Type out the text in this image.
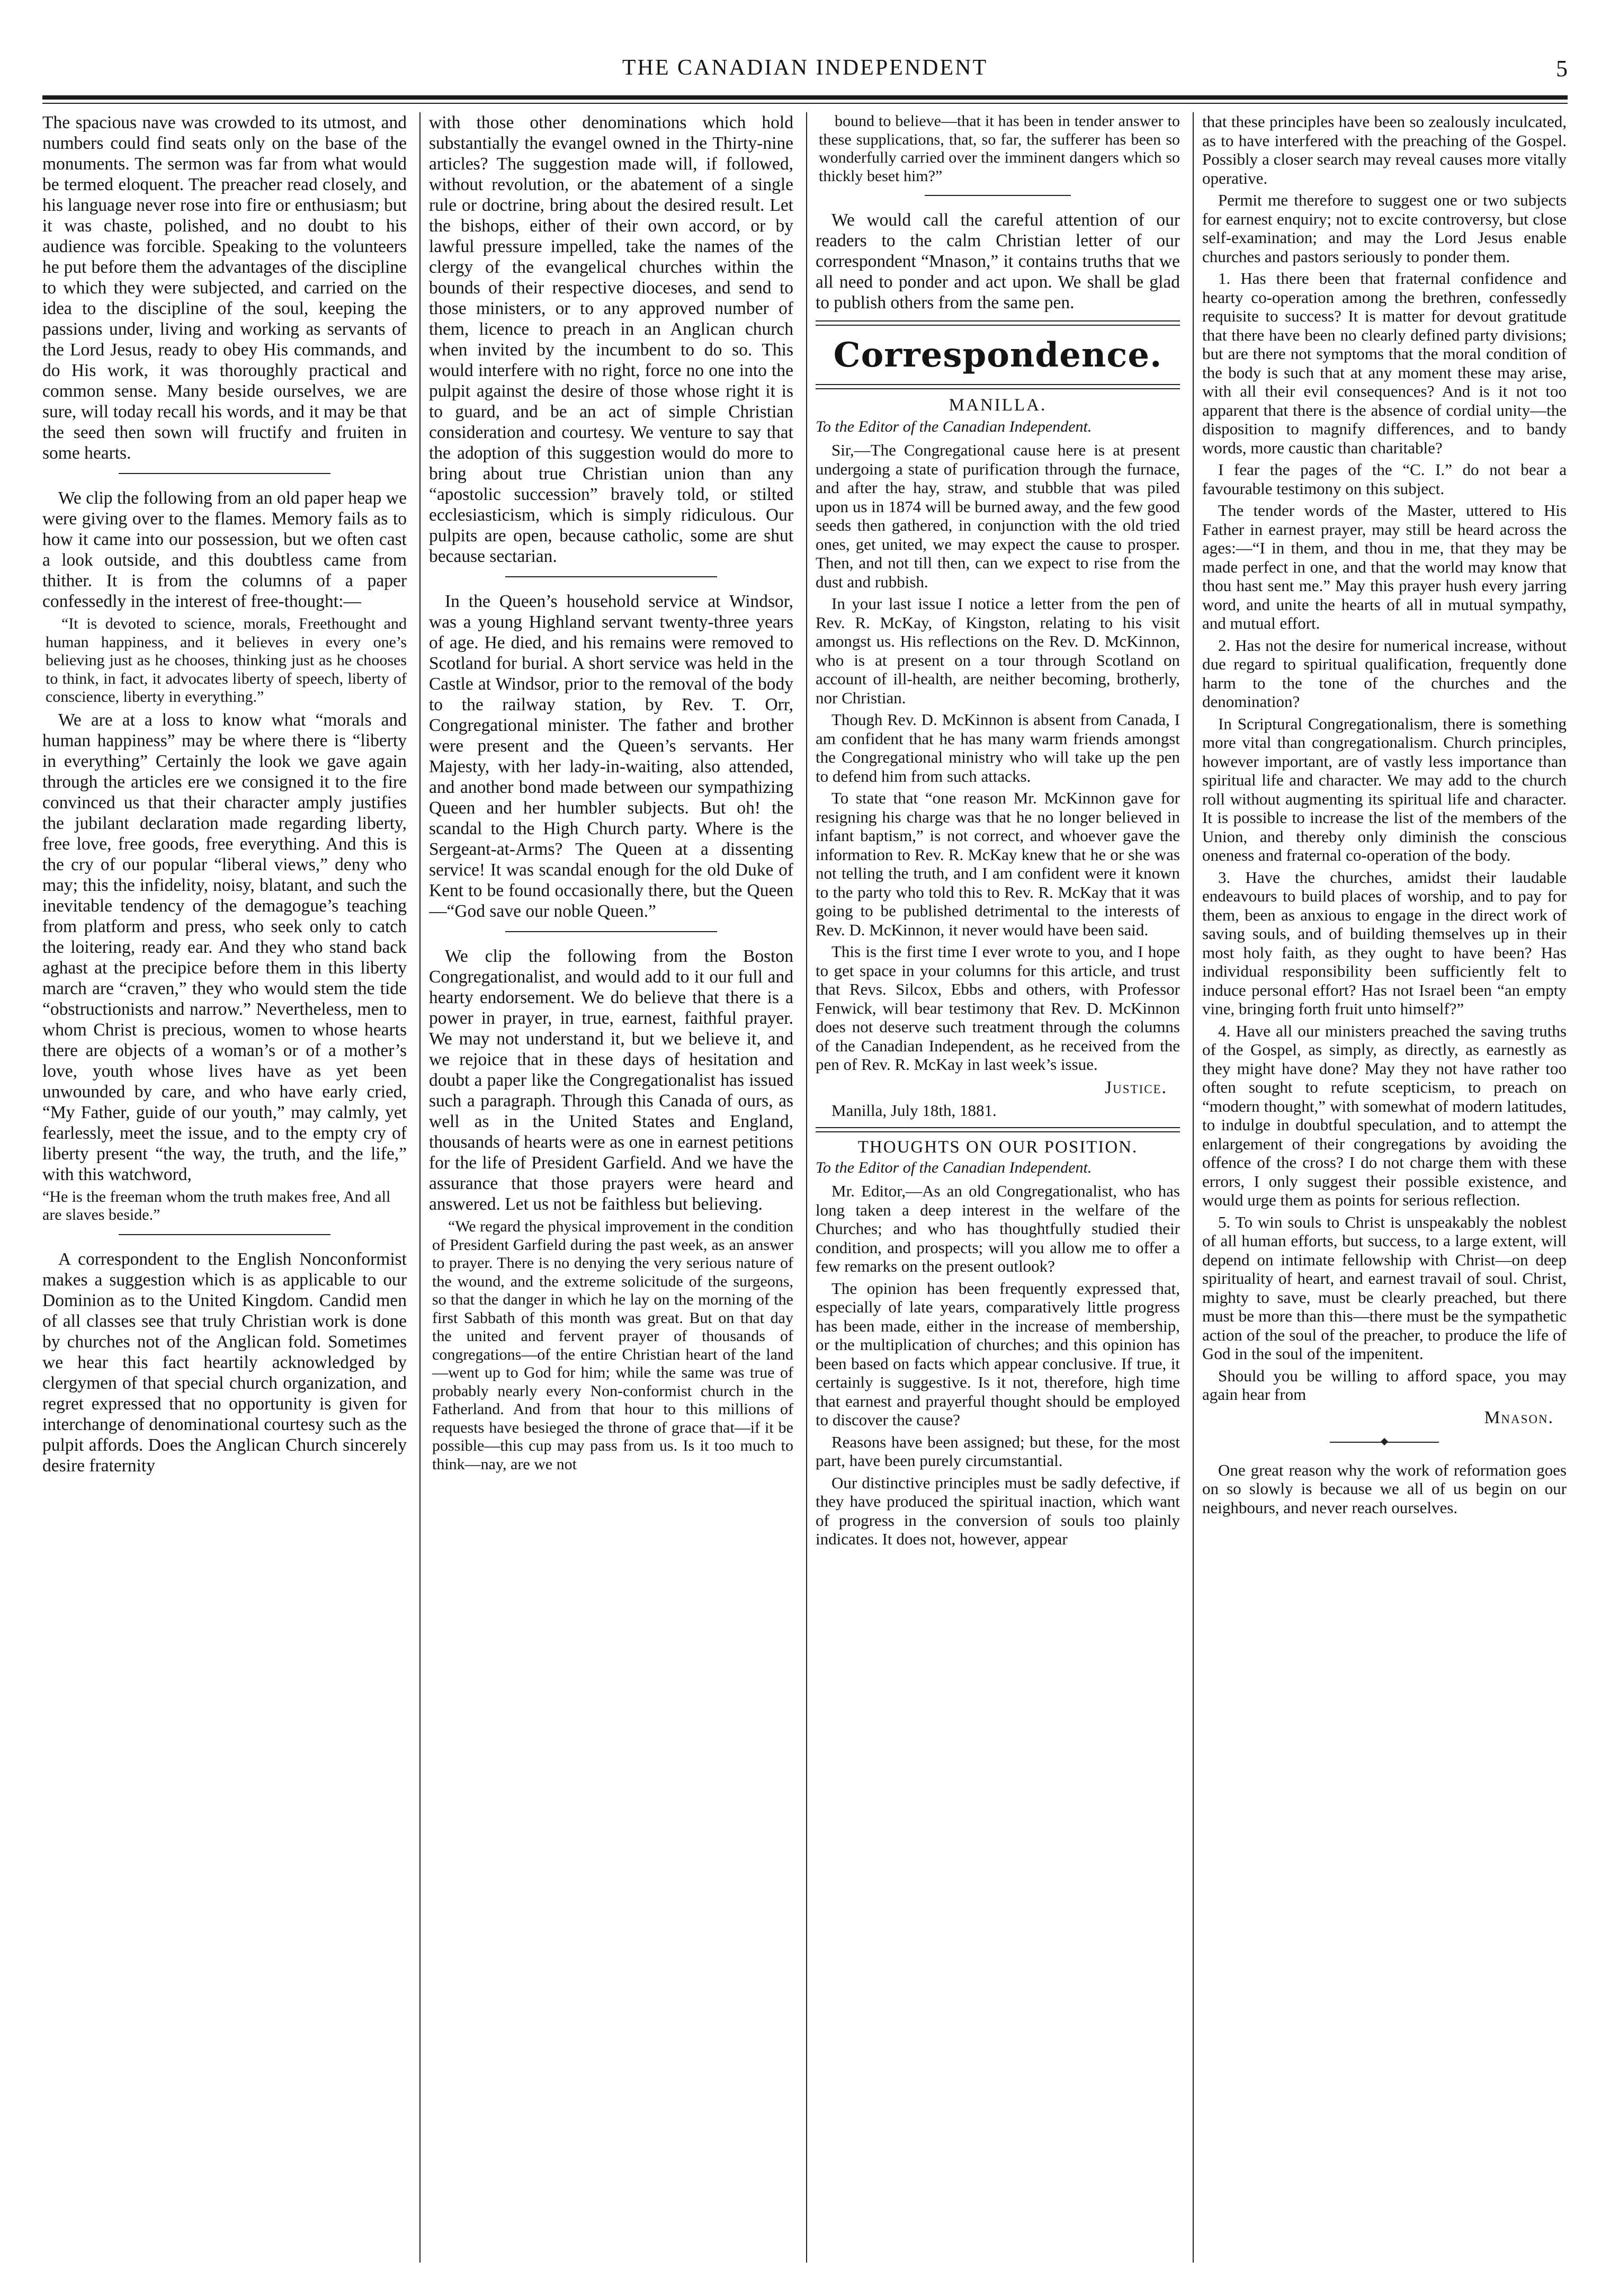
THE CANADIAN INDEPENDENT	5

The spacious nave was crowded to its utmost, and numbers could find seats only on the base of the monuments. The sermon was far from what would be termed eloquent. The preacher read closely, and his language never rose into fire or enthusiasm; but it was chaste, polished, and no doubt to his audience was forcible. Speaking to the volunteers he put before them the advantages of the discipline to which they were subjected, and carried on the idea to the discipline of the soul, keeping the passions under, living and working as servants of the Lord Jesus, ready to obey His commands, and do His work, it was thoroughly practical and common sense. Many beside ourselves, we are sure, will today recall his words, and it may be that the seed then sown will fructify and fruiten in some hearts.

We clip the following from an old paper heap we were giving over to the flames. Memory fails as to how it came into our possession, but we often cast a look outside, and this doubtless came from thither. It is from the columns of a paper confessedly in the interest of free-thought:—

“It is devoted to science, morals, Freethought and human happiness, and it believes in every one’s believing just as he chooses, thinking just as he chooses to think, in fact, it advocates liberty of speech, liberty of conscience, liberty in everything.”

We are at a loss to know what “morals and human happiness” may be where there is “liberty in everything” Certainly the look we gave again through the articles ere we consigned it to the fire convinced us that their character amply justifies the jubilant declaration made regarding liberty, free love, free goods, free everything. And this is the cry of our popular “liberal views,” deny who may; this the infidelity, noisy, blatant, and such the inevitable tendency of the demagogue’s teaching from platform and press, who seek only to catch the loitering, ready ear. And they who stand back aghast at the precipice before them in this liberty march are “craven,” they who would stem the tide “obstructionists and narrow.” Nevertheless, men to whom Christ is precious, women to whose hearts there are objects of a woman’s or of a mother’s love, youth whose lives have as yet been unwounded by care, and who have early cried, “My Father, guide of our youth,” may calmly, yet fearlessly, meet the issue, and to the empty cry of liberty present “the way, the truth, and the life,” with this watchword,

“He is the freeman whom the truth makes free, And all are slaves beside.”

A correspondent to the English Nonconformist makes a suggestion which is as applicable to our Dominion as to the United Kingdom. Candid men of all classes see that truly Christian work is done by churches not of the Anglican fold. Sometimes we hear this fact heartily acknowledged by clergymen of that special church organization, and regret expressed that no opportunity is given for interchange of denominational courtesy such as the pulpit affords. Does the Anglican Church sincerely desire fraternity

with those other denominations which hold substantially the evangel owned in the Thirty-nine articles? The suggestion made will, if followed, without revolution, or the abatement of a single rule or doctrine, bring about the desired result. Let the bishops, either of their own accord, or by lawful pressure impelled, take the names of the clergy of the evangelical churches within the bounds of their respective dioceses, and send to those ministers, or to any approved number of them, licence to preach in an Anglican church when invited by the incumbent to do so. This would interfere with no right, force no one into the pulpit against the desire of those whose right it is to guard, and be an act of simple Christian consideration and courtesy. We venture to say that the adoption of this suggestion would do more to bring about true Christian union than any “apostolic succession” bravely told, or stilted ecclesiasticism, which is simply ridiculous. Our pulpits are open, because catholic, some are shut because sectarian.

In the Queen’s household service at Windsor, was a young Highland servant twenty-three years of age. He died, and his remains were removed to Scotland for burial. A short service was held in the Castle at Windsor, prior to the removal of the body to the railway station, by Rev. T. Orr, Congregational minister. The father and brother were present and the Queen’s servants. Her Majesty, with her lady-in-waiting, also attended, and another bond made between our sympathizing Queen and her humbler subjects. But oh! the scandal to the High Church party. Where is the Sergeant-at-Arms? The Queen at a dissenting service! It was scandal enough for the old Duke of Kent to be found occasionally there, but the Queen—“God save our noble Queen.”

We clip the following from the Boston Congregationalist, and would add to it our full and hearty endorsement. We do believe that there is a power in prayer, in true, earnest, faithful prayer. We may not understand it, but we believe it, and we rejoice that in these days of hesitation and doubt a paper like the Congregationalist has issued such a paragraph. Through this Canada of ours, as well as in the United States and England, thousands of hearts were as one in earnest petitions for the life of President Garfield. And we have the assurance that those prayers were heard and answered. Let us not be faithless but believing.

“We regard the physical improvement in the condition of President Garfield during the past week, as an answer to prayer. There is no denying the very serious nature of the wound, and the extreme solicitude of the surgeons, so that the danger in which he lay on the morning of the first Sabbath of this month was great. But on that day the united and fervent prayer of thousands of congregations—of the entire Christian heart of the land—went up to God for him; while the same was true of probably nearly every Non-conformist church in the Fatherland. And from that hour to this millions of requests have besieged the throne of grace that—if it be possible—this cup may pass from us. Is it too much to think—nay, are we not

bound to believe—that it has been in tender answer to these supplications, that, so far, the sufferer has been so wonderfully carried over the imminent dangers which so thickly beset him?”

We would call the careful attention of our readers to the calm Christian letter of our correspondent “Mnason,” it contains truths that we all need to ponder and act upon. We shall be glad to publish others from the same pen.

Correspondence.
MANILLA.

To the Editor of the Canadian Independent.

Sir,—The Congregational cause here is at present undergoing a state of purification through the furnace, and after the hay, straw, and stubble that was piled upon us in 1874 will be burned away, and the few good seeds then gathered, in conjunction with the old tried ones, get united, we may expect the cause to prosper. Then, and not till then, can we expect to rise from the dust and rubbish.

In your last issue I notice a letter from the pen of Rev. R. McKay, of Kingston, relating to his visit amongst us. His reflections on the Rev. D. McKinnon, who is at present on a tour through Scotland on account of ill-health, are neither becoming, brotherly, nor Christian.

Though Rev. D. McKinnon is absent from Canada, I am confident that he has many warm friends amongst the Congregational ministry who will take up the pen to defend him from such attacks.

To state that “one reason Mr. McKinnon gave for resigning his charge was that he no longer believed in infant baptism,” is not correct, and whoever gave the information to Rev. R. McKay knew that he or she was not telling the truth, and I am confident were it known to the party who told this to Rev. R. McKay that it was going to be published detrimental to the interests of Rev. D. McKinnon, it never would have been said.

This is the first time I ever wrote to you, and I hope to get space in your columns for this article, and trust that Revs. Silcox, Ebbs and others, with Professor Fenwick, will bear testimony that Rev. D. McKinnon does not deserve such treatment through the columns of the Canadian Independent, as he received from the pen of Rev. R. McKay in last week’s issue.

Justice.

Manilla, July 18th, 1881.

THOUGHTS ON OUR POSITION.

To the Editor of the Canadian Independent.

Mr. Editor,—As an old Congregationalist, who has long taken a deep interest in the welfare of the Churches; and who has thoughtfully studied their condition, and prospects; will you allow me to offer a few remarks on the present outlook?

The opinion has been frequently expressed that, especially of late years, comparatively little progress has been made, either in the increase of membership, or the multiplication of churches; and this opinion has been based on facts which appear conclusive. If true, it certainly is suggestive. Is it not, therefore, high time that earnest and prayerful thought should be employed to discover the cause?

Reasons have been assigned; but these, for the most part, have been purely circumstantial.

Our distinctive principles must be sadly defective, if they have produced the spiritual inaction, which want of progress in the conversion of souls too plainly indicates. It does not, however, appear

that these principles have been so zealously inculcated, as to have interfered with the preaching of the Gospel. Possibly a closer search may reveal causes more vitally operative.

Permit me therefore to suggest one or two subjects for earnest enquiry; not to excite controversy, but close self-examination; and may the Lord Jesus enable churches and pastors seriously to ponder them.

1. Has there been that fraternal confidence and hearty co-operation among the brethren, confessedly requisite to success? It is matter for devout gratitude that there have been no clearly defined party divisions; but are there not symptoms that the moral condition of the body is such that at any moment these may arise, with all their evil consequences? And is it not too apparent that there is the absence of cordial unity—the disposition to magnify differences, and to bandy words, more caustic than charitable?

I fear the pages of the “C. I.” do not bear a favourable testimony on this subject.

The tender words of the Master, uttered to His Father in earnest prayer, may still be heard across the ages:—“I in them, and thou in me, that they may be made perfect in one, and that the world may know that thou hast sent me.” May this prayer hush every jarring word, and unite the hearts of all in mutual sympathy, and mutual effort.

2. Has not the desire for numerical increase, without due regard to spiritual qualification, frequently done harm to the tone of the churches and the denomination?

In Scriptural Congregationalism, there is something more vital than congregationalism. Church principles, however important, are of vastly less importance than spiritual life and character. We may add to the church roll without augmenting its spiritual life and character. It is possible to increase the list of the members of the Union, and thereby only diminish the conscious oneness and fraternal co-operation of the body.

3. Have the churches, amidst their laudable endeavours to build places of worship, and to pay for them, been as anxious to engage in the direct work of saving souls, and of building themselves up in their most holy faith, as they ought to have been? Has individual responsibility been sufficiently felt to induce personal effort? Has not Israel been “an empty vine, bringing forth fruit unto himself?”

4. Have all our ministers preached the saving truths of the Gospel, as simply, as directly, as earnestly as they might have done? May they not have rather too often sought to refute scepticism, to preach on “modern thought,” with somewhat of modern latitudes, to indulge in doubtful speculation, and to attempt the enlargement of their congregations by avoiding the offence of the cross? I do not charge them with these errors, I only suggest their possible existence, and would urge them as points for serious reflection.

5. To win souls to Christ is unspeakably the noblest of all human efforts, but success, to a large extent, will depend on intimate fellowship with Christ—on deep spirituality of heart, and earnest travail of soul. Christ, mighty to save, must be clearly preached, but there must be more than this—there must be the sympathetic action of the soul of the preacher, to produce the life of God in the soul of the impenitent.

Should you be willing to afford space, you may again hear from

Mnason.

One great reason why the work of reformation goes on so slowly is because we all of us begin on our neighbours, and never reach ourselves.
